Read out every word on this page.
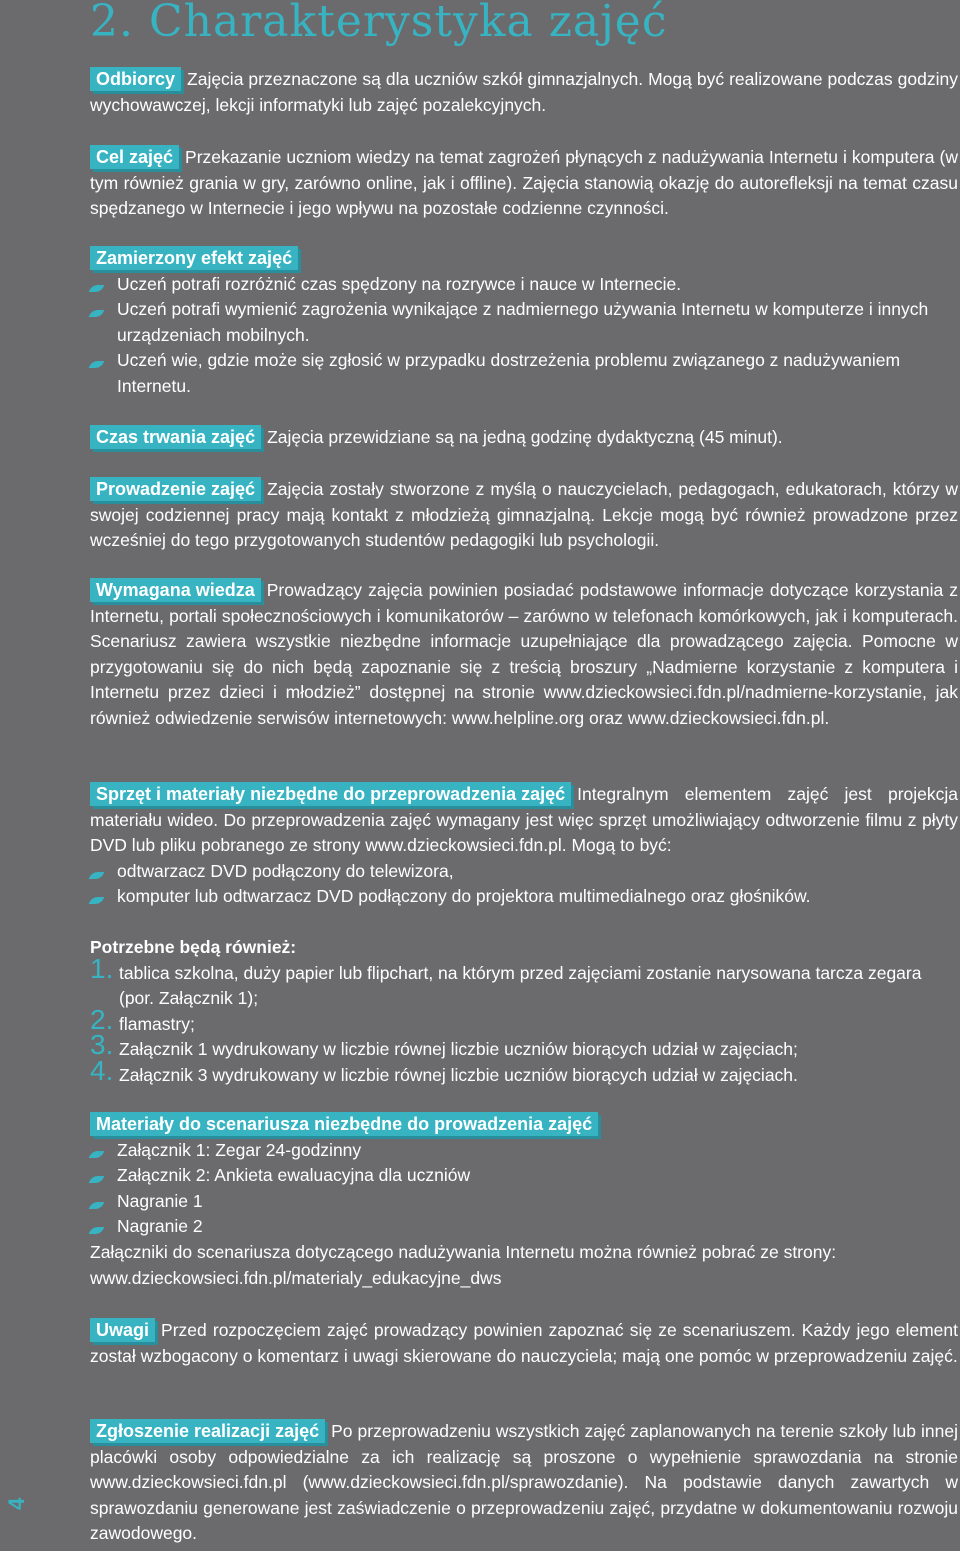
2. Charakterystyka zajęć

Odbiorcy Zajęcia przeznaczone są dla uczniów szkół gimnazjalnych. Mogą być realizowane podczas godziny wychowawczej, lekcji informatyki lub zajęć pozalekcyjnych.

Cel zajęć Przekazanie uczniom wiedzy na temat zagrożeń płynących z nadużywania Internetu i komputera (w tym również grania w gry, zarówno online, jak i offline). Zajęcia stanowią okazję do autorefleksji na temat czasu spędzanego w Internecie i jego wpływu na pozostałe codzienne czynności.

Zamierzony efekt zajęć

Uczeń potrafi rozróżnić czas spędzony na rozrywce i nauce w Internecie.
Uczeń potrafi wymienić zagrożenia wynikające z nadmiernego używania Internetu w komputerze i innych urządzeniach mobilnych.
Uczeń wie, gdzie może się zgłosić w przypadku dostrzeżenia problemu związanego z nadużywaniem Internetu.

Czas trwania zajęć Zajęcia przewidziane są na jedną godzinę dydaktyczną (45 minut).

Prowadzenie zajęć Zajęcia zostały stworzone z myślą o nauczycielach, pedagogach, edukatorach, którzy w swojej codziennej pracy mają kontakt z młodzieżą gimnazjalną. Lekcje mogą być również prowadzone przez wcześniej do tego przygotowanych studentów pedagogiki lub psychologii.

Wymagana wiedza Prowadzący zajęcia powinien posiadać podstawowe informacje dotyczące korzystania z Internetu, portali społecznościowych i komunikatorów – zarówno w telefonach komórkowych, jak i komputerach. Scenariusz zawiera wszystkie niezbędne informacje uzupełniające dla prowadzącego zajęcia. Pomocne w przygotowaniu się do nich będą zapoznanie się z treścią broszury „Nadmierne korzystanie z komputera i Internetu przez dzieci i młodzież” dostępnej na stronie www.dzieckowsieci.fdn.pl/nadmierne-korzystanie, jak również odwiedzenie serwisów internetowych: www.helpline.org oraz www.dzieckowsieci.fdn.pl.

Sprzęt i materiały niezbędne do przeprowadzenia zajęć Integralnym elementem zajęć jest projekcja materiału wideo. Do przeprowadzenia zajęć wymagany jest więc sprzęt umożliwiający odtworzenie filmu z płyty DVD lub pliku pobranego ze strony www.dzieckowsieci.fdn.pl. Mogą to być:

odtwarzacz DVD podłączony do telewizora,
komputer lub odtwarzacz DVD podłączony do projektora multimedialnego oraz głośników.

Potrzebne będą również:

1. tablica szkolna, duży papier lub flipchart, na którym przed zajęciami zostanie narysowana tarcza zegara (por. Załącznik 1);
2. flamastry;
3. Załącznik 1 wydrukowany w liczbie równej liczbie uczniów biorących udział w zajęciach;
4. Załącznik 3 wydrukowany w liczbie równej liczbie uczniów biorących udział w zajęciach.

Materiały do scenariusza niezbędne do prowadzenia zajęć

Załącznik 1: Zegar 24-godzinny
Załącznik 2: Ankieta ewaluacyjna dla uczniów
Nagranie 1
Nagranie 2

Załączniki do scenariusza dotyczącego nadużywania Internetu można również pobrać ze strony: www.dzieckowsieci.fdn.pl/materialy_edukacyjne_dws

Uwagi Przed rozpoczęciem zajęć prowadzący powinien zapoznać się ze scenariuszem. Każdy jego element został wzbogacony o komentarz i uwagi skierowane do nauczyciela; mają one pomóc w przeprowadzeniu zajęć.

Zgłoszenie realizacji zajęć Po przeprowadzeniu wszystkich zajęć zaplanowanych na terenie szkoły lub innej placówki osoby odpowiedzialne za ich realizację są proszone o wypełnienie sprawozdania na stronie www.dzieckowsieci.fdn.pl (www.dzieckowsieci.fdn.pl/sprawozdanie). Na podstawie danych zawartych w sprawozdaniu generowane jest zaświadczenie o przeprowadzeniu zajęć, przydatne w dokumentowaniu rozwoju zawodowego.

4
